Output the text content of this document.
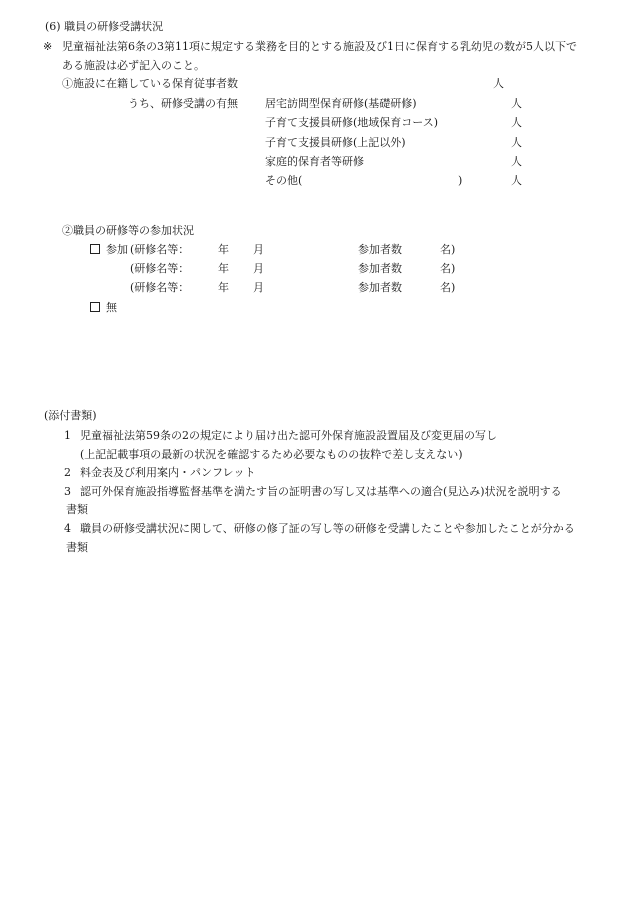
(6) 職員の研修受講状況
※ 児童福祉法第6条の3第11項に規定する業務を目的とする施設及び1日に保育する乳幼児の数が5人以下で
ある施設は必ず記入のこと。
①施設に在籍している保育従事者数	人
うち、研修受講の有無 居宅訪問型保育研修(基礎研修)	人
子育て支援員研修(地域保育コース)	人
子育て支援員研修(上記以外)	人
家庭的保育者等研修	人
その他(	)	人
②職員の研修等の参加状況
参加 (研修名等：	年 月	参加者数	名)
(研修名等：	年 月	参加者数	名)
(研修名等：	年 月	参加者数	名)
無
(添付書類)
1 児童福祉法第59条の2の規定により届け出た認可外保育施設設置届及び変更届の写し
(上記記載事項の最新の状況を確認するため必要なものの抜粋で差し支えない)
2 料金表及び利用案内・パンフレット
3 認可外保育施設指導監督基準を満たす旨の証明書の写し又は基準への適合(見込み)状況を説明する
書類
4 職員の研修受講状況に関して、研修の修了証の写し等の研修を受講したことや参加したことが分かる
書類
